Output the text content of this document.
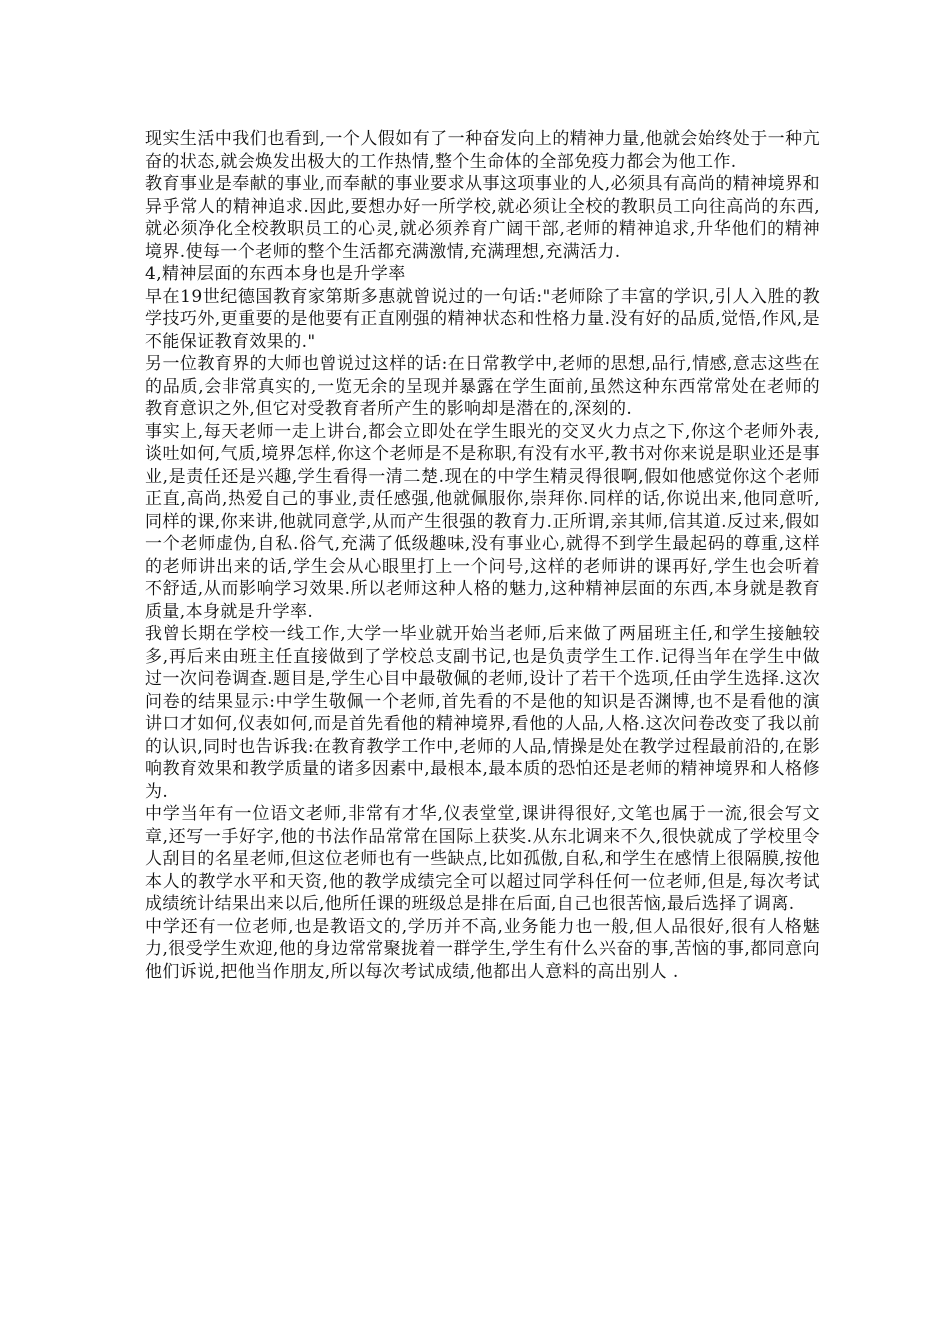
现实生活中我们也看到,一个人假如有了一种奋发向上的精神力量,他就会始终处于一种亢奋的状态,就会焕发出极大的工作热情,整个生命体的全部免疫力都会为他工作.

教育事业是奉献的事业,而奉献的事业要求从事这项事业的人,必须具有高尚的精神境界和异乎常人的精神追求.因此,要想办好一所学校,就必须让全校的教职员工向往高尚的东西,就必须净化全校教职员工的心灵,就必须养育广阔干部,老师的精神追求,升华他们的精神境界.使每一个老师的整个生活都充满激情,充满理想,充满活力.

4,精神层面的东西本身也是升学率

早在19世纪德国教育家第斯多惠就曾说过的一句话:"老师除了丰富的学识,引人入胜的教学技巧外,更重要的是他要有正直刚强的精神状态和性格力量.没有好的品质,觉悟,作风,是不能保证教育效果的."

另一位教育界的大师也曾说过这样的话:在日常教学中,老师的思想,品行,情感,意志这些在的品质,会非常真实的,一览无余的呈现并暴露在学生面前,虽然这种东西常常处在老师的教育意识之外,但它对受教育者所产生的影响却是潜在的,深刻的.

事实上,每天老师一走上讲台,都会立即处在学生眼光的交叉火力点之下,你这个老师外表,谈吐如何,气质,境界怎样,你这个老师是不是称职,有没有水平,教书对你来说是职业还是事业,是责任还是兴趣,学生看得一清二楚.现在的中学生精灵得很啊,假如他感觉你这个老师正直,高尚,热爱自己的事业,责任感强,他就佩服你,崇拜你.同样的话,你说出来,他同意听,同样的课,你来讲,他就同意学,从而产生很强的教育力.正所谓,亲其师,信其道.反过来,假如一个老师虚伪,自私.俗气,充满了低级趣味,没有事业心,就得不到学生最起码的尊重,这样的老师讲出来的话,学生会从心眼里打上一个问号,这样的老师讲的课再好,学生也会听着不舒适,从而影响学习效果.所以老师这种人格的魅力,这种精神层面的东西,本身就是教育质量,本身就是升学率.

我曾长期在学校一线工作,大学一毕业就开始当老师,后来做了两届班主任,和学生接触较多,再后来由班主任直接做到了学校总支副书记,也是负责学生工作.记得当年在学生中做过一次问卷调查.题目是,学生心目中最敬佩的老师,设计了若干个选项,任由学生选择.这次问卷的结果显示:中学生敬佩一个老师,首先看的不是他的知识是否渊博,也不是看他的演讲口才如何,仪表如何,而是首先看他的精神境界,看他的人品,人格.这次问卷改变了我以前的认识,同时也告诉我:在教育教学工作中,老师的人品,情操是处在教学过程最前沿的,在影响教育效果和教学质量的诸多因素中,最根本,最本质的恐怕还是老师的精神境界和人格修为.

中学当年有一位语文老师,非常有才华,仪表堂堂,课讲得很好,文笔也属于一流,很会写文章,还写一手好字,他的书法作品常常在国际上获奖.从东北调来不久,很快就成了学校里令人刮目的名星老师,但这位老师也有一些缺点,比如孤傲,自私,和学生在感情上很隔膜,按他本人的教学水平和天资,他的教学成绩完全可以超过同学科任何一位老师,但是,每次考试成绩统计结果出来以后,他所任课的班级总是排在后面,自己也很苦恼,最后选择了调离.

中学还有一位老师,也是教语文的,学历并不高,业务能力也一般,但人品很好,很有人格魅力,很受学生欢迎,他的身边常常聚拢着一群学生,学生有什么兴奋的事,苦恼的事,都同意向他们诉说,把他当作朋友,所以每次考试成绩,他都出人意料的高出别人 .
